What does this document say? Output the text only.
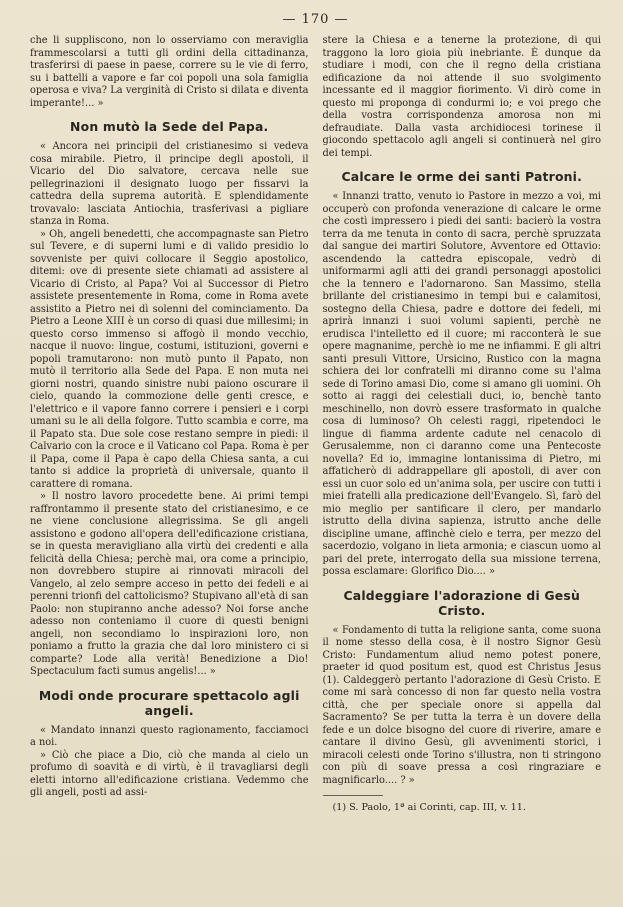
— 170 —

che li suppliscono, non lo osserviamo con meraviglia frammescolarsi a tutti gli ordini della cittadinanza, trasferirsi di paese in paese, correre su le vie di ferro, su i battelli a vapore e far coi popoli una sola famiglia operosa e viva? La verginità di Cristo si dilata e diventa imperante!... »

Non mutò la Sede del Papa.

« Ancora nei principii del cristianesimo si vedeva cosa mirabile. Pietro, il principe degli apostoli, il Vicario del Dio salvatore, cercava nelle sue pellegrinazioni il designato luogo per fissarvi la cattedra della suprema autorità. E splendidamente trovavalo: lasciata Antiochia, trasferivasi a pigliare stanza in Roma.

» Oh, angeli benedetti, che accompagnaste san Pietro sul Tevere, e di superni lumi e di valido presidio lo sovveniste per quivi collocare il Seggio apostolico, ditemi: ove di presente siete chiamati ad assistere al Vicario di Cristo, al Papa? Voi al Successor di Pietro assistete presentemente in Roma, come in Roma avete assistito a Pietro nei dì solenni del cominciamento. Da Pietro a Leone XIII è un corso di quasi due millesimi; in questo corso immenso si affogò il mondo vecchio, nacque il nuovo: lingue, costumi, istituzioni, governi e popoli tramutarono: non mutò punto il Papato, non mutò il territorio alla Sede del Papa. E non muta nei giorni nostri, quando sinistre nubi paiono oscurare il cielo, quando la commozione delle genti cresce, e l'elettrico e il vapore fanno correre i pensieri e i corpi umani su le ali della folgore. Tutto scambia e corre, ma il Papato sta. Due sole cose restano sempre in piedi: il Calvario con la croce e il Vaticano col Papa. Roma è per il Papa, come il Papa è capo della Chiesa santa, a cui tanto si addice la proprietà di universale, quanto il carattere di romana.

» Il nostro lavoro procedette bene. Ai primi tempi raffrontammo il presente stato del cristianesimo, e ce ne viene conclusione allegrissima. Se gli angeli assistono e godono all'opera dell'edificazione cristiana, se in questa meravigliano alla virtù dei credenti e alla felicità della Chiesa; perchè mai, ora come a principio, non dovrebbero stupire ai rinnovati miracoli del Vangelo, al zelo sempre acceso in petto dei fedeli e ai perenni trionfi del cattolicismo? Stupivano all'età di san Paolo: non stupiranno anche adesso? Noi forse anche adesso non conteniamo il cuore di questi benigni angeli, non secondiamo lo inspirazioni loro, non poniamo a frutto la grazia che dal loro ministero ci si comparte? Lode alla verità! Benedizione a Dio! Spectaculum facti sumus angelis!... »

Modi onde procurare spettacolo agli angeli.

« Mandato innanzi questo ragionamento, facciamoci a noi.

» Ciò che piace a Dio, ciò che manda al cielo un profumo di soavità e di virtù, è il travagliarsi degli eletti intorno all'edificazione cristiana. Vedemmo che gli angeli, posti ad assi-

stere la Chiesa e a tenerne la protezione, di qui traggono la loro gioia più inebriante. È dunque da studiare i modi, con che il regno della cristiana edificazione da noi attende il suo svolgimento incessante ed il maggior fiorimento. Vi dirò come in questo mi proponga di condurmi io; e voi prego che della vostra corrispondenza amorosa non mi defraudiate. Dalla vasta archidiocesi torinese il giocondo spettacolo agli angeli si continuerà nel giro dei tempi.

Calcare le orme dei santi Patroni.

« Innanzi tratto, venuto io Pastore in mezzo a voi, mi occuperò con profonda venerazione di calcare le orme che costì impressero i piedi dei santi: bacierò la vostra terra da me tenuta in conto di sacra, perchè spruzzata dal sangue dei martiri Solutore, Avventore ed Ottavio: ascendendo la cattedra episcopale, vedrò di uniformarmi agli atti dei grandi personaggi apostolici che la tennero e l'adornarono. San Massimo, stella brillante del cristianesimo in tempi bui e calamitosi, sostegno della Chiesa, padre e dottore dei fedeli, mi aprirà innanzi i suoi volumi sapienti, perchè ne erudisca l'intelletto ed il cuore; mi racconterà le sue opere magnanime, perchè io me ne infiammi. E gli altri santi presuli Vittore, Ursicino, Rustico con la magna schiera dei lor confratelli mi diranno come su l'alma sede di Torino amasi Dio, come si amano gli uomini. Oh sotto ai raggi dei celestiali duci, io, benchè tanto meschinello, non dovrò essere trasformato in qualche cosa di luminoso? Oh celesti raggi, ripetendoci le lingue di fiamma ardente cadute nel cenacolo di Gerusalemme, non ci daranno come una Pentecoste novella? Ed io, immagine lontanissima di Pietro, mi affaticherò di addrappellare gli apostoli, di aver con essi un cuor solo ed un'anima sola, per uscire con tutti i miei fratelli alla predicazione dell'Evangelo. Sì, farò del mio meglio per santificare il clero, per mandarlo istrutto della divina sapienza, istrutto anche delle discipline umane, affinchè cielo e terra, per mezzo del sacerdozio, volgano in lieta armonia; e ciascun uomo al pari del prete, interrogato della sua missione terrena, possa esclamare: Glorifico Dio.... »

Caldeggiare l'adorazione di Gesù Cristo.

« Fondamento di tutta la religione santa, come suona il nome stesso della cosa, è il nostro Signor Gesù Cristo: Fundamentum aliud nemo potest ponere, praeter id quod positum est, quod est Christus Jesus (1). Caldeggerò pertanto l'adorazione di Gesù Cristo. E come mi sarà concesso di non far questo nella vostra città, che per speciale onore si appella dal Sacramento? Se per tutta la terra è un dovere della fede e un dolce bisogno del cuore di riverire, amare e cantare il divino Gesù, gli avvenimenti storici, i miracoli celesti onde Torino s'illustra, non ti stringono con più di soave pressa a così ringraziare e magnificarlo.... ? »

(1) S. Paolo, 1ª ai Corinti, cap. III, v. 11.
